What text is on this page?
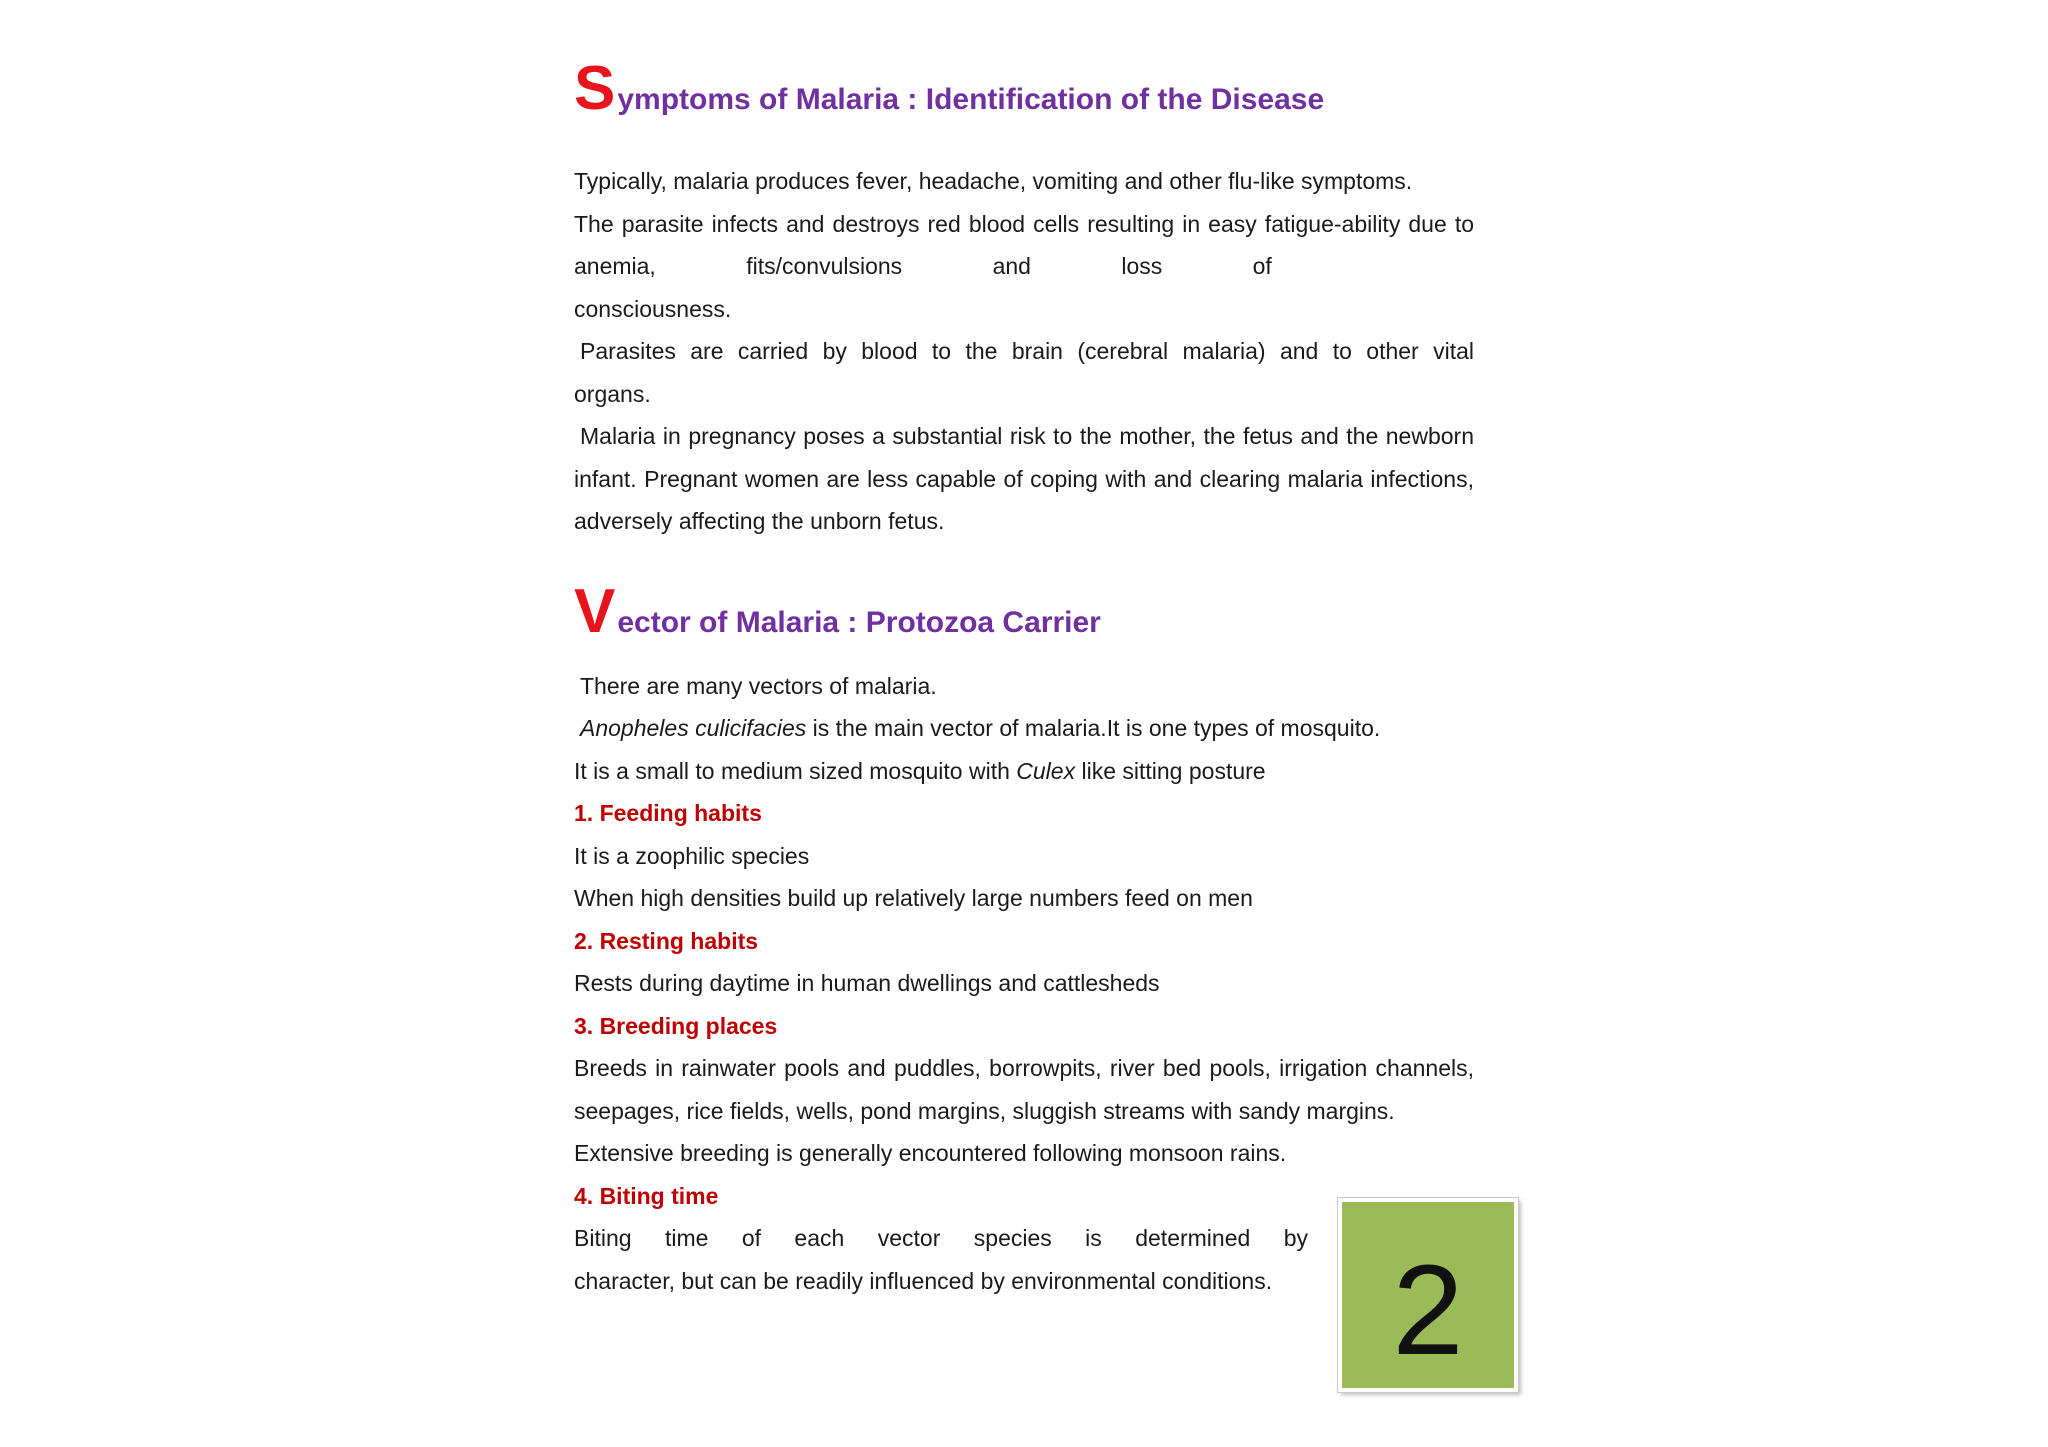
S ymptoms of Malaria : Identification of the Disease

Typically, malaria produces fever, headache, vomiting and other flu-like symptoms.

The parasite infects and destroys red blood cells resulting in easy fatigue-ability due to

anemia, fits/convulsions and loss of consciousness.

Parasites are carried by blood to the brain (cerebral malaria) and to other vital

organs.

Malaria in pregnancy poses a substantial risk to the mother, the fetus and the newborn

infant. Pregnant women are less capable of coping with and clearing malaria infections,

adversely affecting the unborn fetus.

V ector of Malaria : Protozoa Carrier

There are many vectors of malaria.

Anopheles culicifacies is the main vector of malaria.It is one types of mosquito.

It is a small to medium sized mosquito with Culex like sitting posture

1. Feeding habits

It is a zoophilic species

When high densities build up relatively large numbers feed on men

2. Resting habits

Rests during daytime in human dwellings and cattlesheds

3. Breeding places

Breeds in rainwater pools and puddles, borrowpits, river bed pools, irrigation channels,

seepages, rice fields, wells, pond margins, sluggish streams with sandy margins.

Extensive breeding is generally encountered following monsoon rains.

4. Biting time

Biting time of each vector species is determined by

character, but can be readily influenced by environmental conditions. 2
